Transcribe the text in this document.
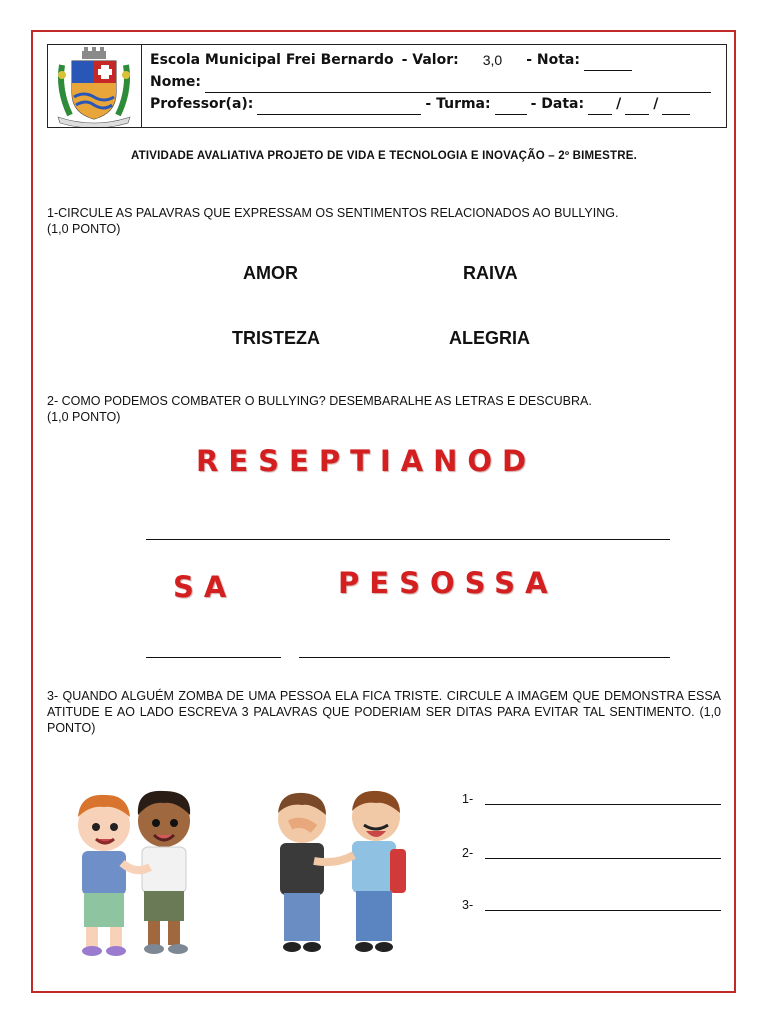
Escola Municipal Frei Bernardo - Valor: 3,0 - Nota:
Nome:
Professor(a):	- Turma:	- Data: / /
ATIVIDADE AVALIATIVA PROJETO DE VIDA E TECNOLOGIA E INOVAÇÃO – 2º BIMESTRE.
1-CIRCULE AS PALAVRAS QUE EXPRESSAM OS SENTIMENTOS RELACIONADOS AO BULLYING.
(1,0 PONTO)
AMOR	RAIVA
TRISTEZA	ALEGRIA
2- COMO PODEMOS COMBATER O BULLYING? DESEMBARALHE AS LETRAS E DESCUBRA.
(1,0 PONTO)
RESEPTIANOD
SA	PESOSSA
3- QUANDO ALGUÉM ZOMBA DE UMA PESSOA ELA FICA TRISTE. CIRCULE A IMAGEM QUE DEMONSTRA ESSA ATITUDE E AO LADO ESCREVA 3 PALAVRAS QUE PODERIAM SER DITAS PARA EVITAR TAL SENTIMENTO. (1,0 PONTO)
1-
2-
3-
